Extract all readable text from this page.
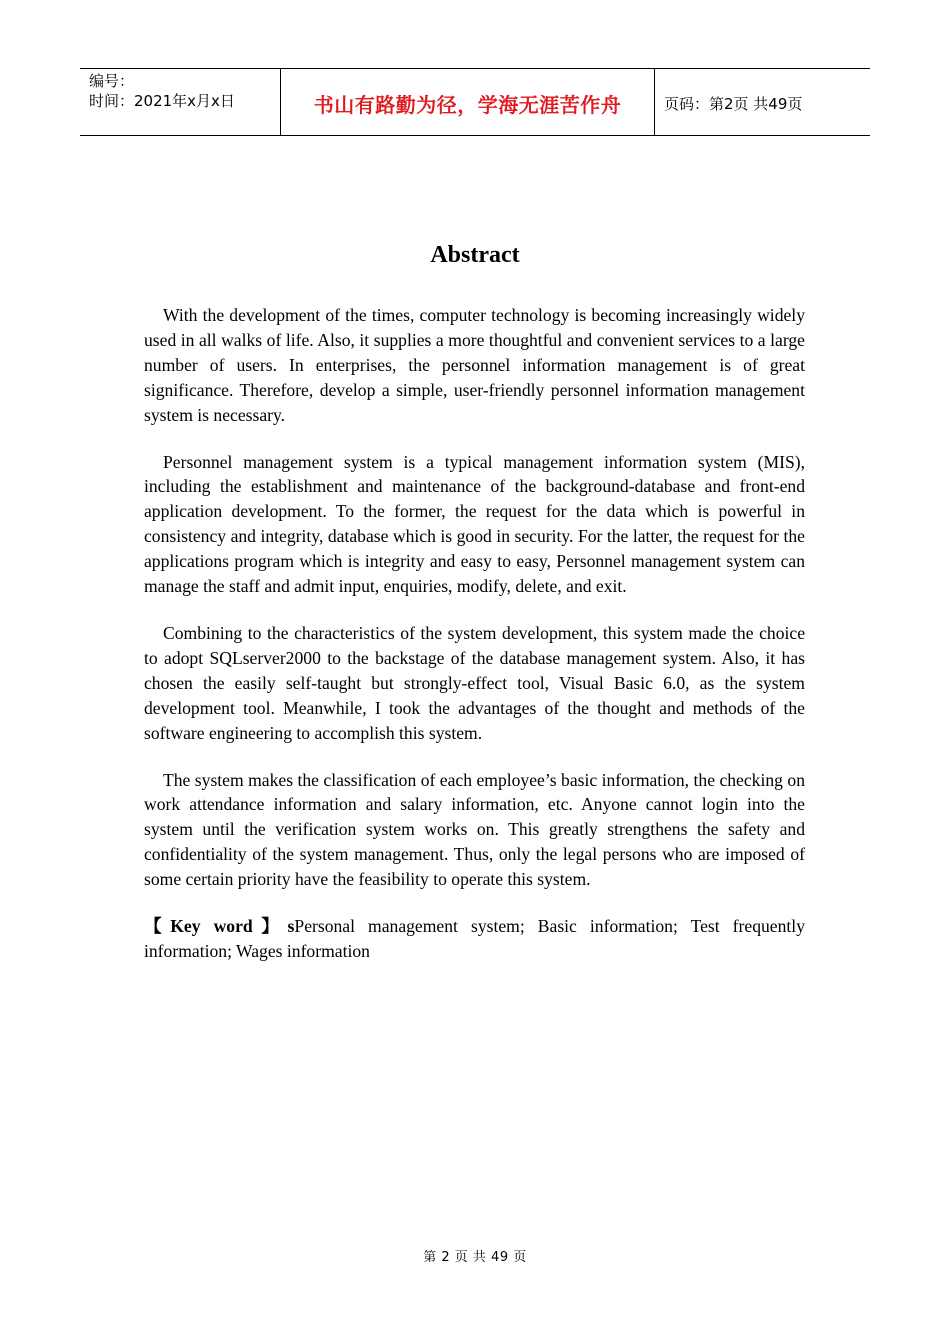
编号：
时间：2021年x月x日	书山有路勤为径，学海无涯苦作舟	页码：第2页 共49页
Abstract

With the development of the times, computer technology is becoming increasingly widely used in all walks of life. Also, it supplies a more thoughtful and convenient services to a large number of users. In enterprises, the personnel information management is of great significance. Therefore, develop a simple, user-friendly personnel information management system is necessary.

Personnel management system is a typical management information system (MIS), including the establishment and maintenance of the background-database and front-end application development. To the former, the request for the data which is powerful in consistency and integrity, database which is good in security. For the latter, the request for the applications program which is integrity and easy to easy, Personnel management system can manage the staff and admit input, enquiries, modify, delete, and exit.

Combining to the characteristics of the system development, this system made the choice to adopt SQLserver2000 to the backstage of the database management system. Also, it has chosen the easily self-taught but strongly-effect tool, Visual Basic 6.0, as the system development tool. Meanwhile, I took the advantages of the thought and methods of the software engineering to accomplish this system.

The system makes the classification of each employee’s basic information, the checking on work attendance information and salary information, etc. Anyone cannot login into the system until the verification system works on. This greatly strengthens the safety and confidentiality of the system management. Thus, only the legal persons who are imposed of some certain priority have the feasibility to operate this system.

【Key word】sPersonal management system; Basic information; Test frequently information; Wages information

第 2 页 共 49 页
